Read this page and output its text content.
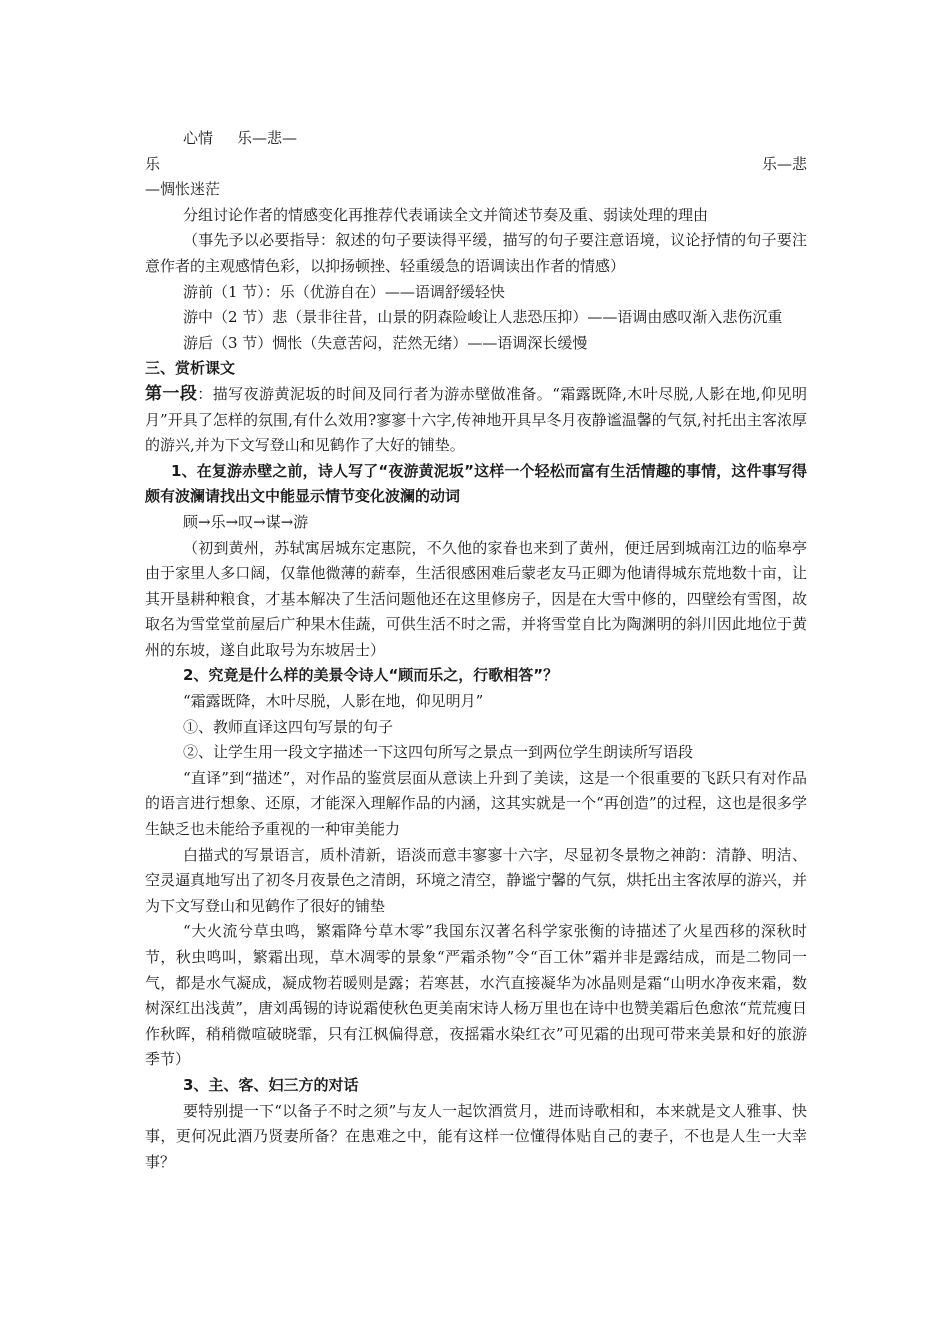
心情 乐—悲—

乐	乐—悲

—惆怅迷茫

分组讨论作者的情感变化再推荐代表诵读全文并简述节奏及重、弱读处理的理由

（事先予以必要指导：叙述的句子要读得平缓，描写的句子要注意语境，议论抒情的句子要注意作者的主观感情色彩，以抑扬顿挫、轻重缓急的语调读出作者的情感）

游前（1 节）：乐（优游自在）——语调舒缓轻快

游中（2 节）悲（景非往昔，山景的阴森险峻让人悲恐压抑）——语调由感叹渐入悲伤沉重

游后（3 节）惆怅（失意苦闷，茫然无绪）——语调深长缓慢

三、赏析课文

第一段：描写夜游黄泥坂的时间及同行者为游赤壁做准备。“霜露既降,木叶尽脱,人影在地,仰见明月”开具了怎样的氛围,有什么效用?寥寥十六字,传神地开具早冬月夜静谧温馨的气氛,衬托出主客浓厚的游兴,并为下文写登山和见鹤作了大好的铺垫。

1、在复游赤壁之前，诗人写了“夜游黄泥坂”这样一个轻松而富有生活情趣的事情，这件事写得颇有波澜请找出文中能显示情节变化波澜的动词

顾→乐→叹→谋→游

（初到黄州，苏轼寓居城东定惠院，不久他的家眷也来到了黄州，便迁居到城南江边的临皋亭由于家里人多口阔，仅靠他微薄的薪奉，生活很感困难后蒙老友马正卿为他请得城东荒地数十亩，让其开垦耕种粮食，才基本解决了生活问题他还在这里修房子，因是在大雪中修的，四壁绘有雪图，故取名为雪堂堂前屋后广种果木佳蔬，可供生活不时之需，并将雪堂自比为陶渊明的斜川因此地位于黄州的东坡，遂自此取号为东坡居士）

2、究竟是什么样的美景令诗人“顾而乐之，行歌相答”？

“霜露既降，木叶尽脱，人影在地，仰见明月”

①、教师直译这四句写景的句子

②、让学生用一段文字描述一下这四句所写之景点一到两位学生朗读所写语段

“直译”到“描述”，对作品的鉴赏层面从意读上升到了美读，这是一个很重要的飞跃只有对作品的语言进行想象、还原，才能深入理解作品的内涵，这其实就是一个“再创造”的过程，这也是很多学生缺乏也未能给予重视的一种审美能力

白描式的写景语言，质朴清新，语淡而意丰寥寥十六字，尽显初冬景物之神韵：清静、明洁、空灵逼真地写出了初冬月夜景色之清朗，环境之清空，静谧宁馨的气氛，烘托出主客浓厚的游兴，并为下文写登山和见鹤作了很好的铺垫

“大火流兮草虫鸣，繁霜降兮草木零”我国东汉著名科学家张衡的诗描述了火星西移的深秋时节，秋虫鸣叫，繁霜出现，草木凋零的景象“严霜杀物”令“百工休”霜并非是露结成，而是二物同一气，都是水气凝成，凝成物若暖则是露；若寒甚，水汽直接凝华为冰晶则是霜“山明水净夜来霜，数树深红出浅黄”，唐刘禹锡的诗说霜使秋色更美南宋诗人杨万里也在诗中也赞美霜后色愈浓“荒荒瘦日作秋晖，稍稍微喧破晓霏，只有江枫偏得意，夜摇霜水染红衣”可见霜的出现可带来美景和好的旅游季节）

3、主、客、妇三方的对话

要特别提一下“以备子不时之须”与友人一起饮酒赏月，进而诗歌相和，本来就是文人雅事、快事，更何况此酒乃贤妻所备？在患难之中，能有这样一位懂得体贴自己的妻子，不也是人生一大幸事？
